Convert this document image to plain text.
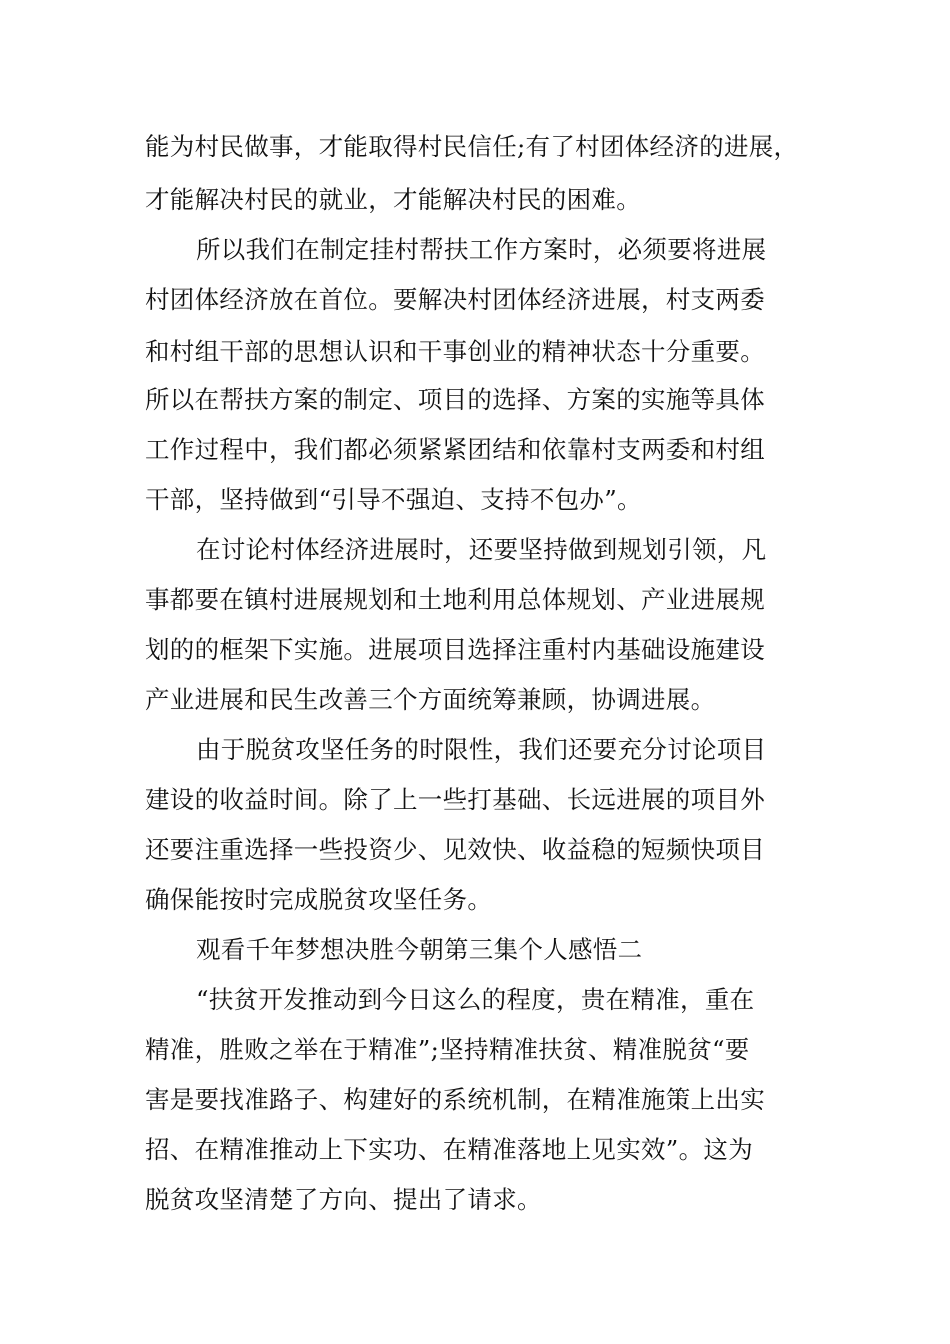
能为村民做事，才能取得村民信任;有了村团体经济的进展，
才能解决村民的就业，才能解决村民的困难。
所以我们在制定挂村帮扶工作方案时，必须要将进展
村团体经济放在首位。要解决村团体经济进展，村支两委
和村组干部的思想认识和干事创业的精神状态十分重要。
所以在帮扶方案的制定、项目的选择、方案的实施等具体
工作过程中，我们都必须紧紧团结和依靠村支两委和村组
干部，坚持做到“引导不强迫、支持不包办”。
在讨论村体经济进展时，还要坚持做到规划引领，凡
事都要在镇村进展规划和土地利用总体规划、产业进展规
划的的框架下实施。进展项目选择注重村内基础设施建设
产业进展和民生改善三个方面统筹兼顾，协调进展。
由于脱贫攻坚任务的时限性，我们还要充分讨论项目
建设的收益时间。除了上一些打基础、长远进展的项目外
还要注重选择一些投资少、见效快、收益稳的短频快项目
确保能按时完成脱贫攻坚任务。
观看千年梦想决胜今朝第三集个人感悟二
“扶贫开发推动到今日这么的程度，贵在精准，重在
精准，胜败之举在于精准”;坚持精准扶贫、精准脱贫“要
害是要找准路子、构建好的系统机制，在精准施策上出实
招、在精准推动上下实功、在精准落地上见实效”。这为
脱贫攻坚清楚了方向、提出了请求。
